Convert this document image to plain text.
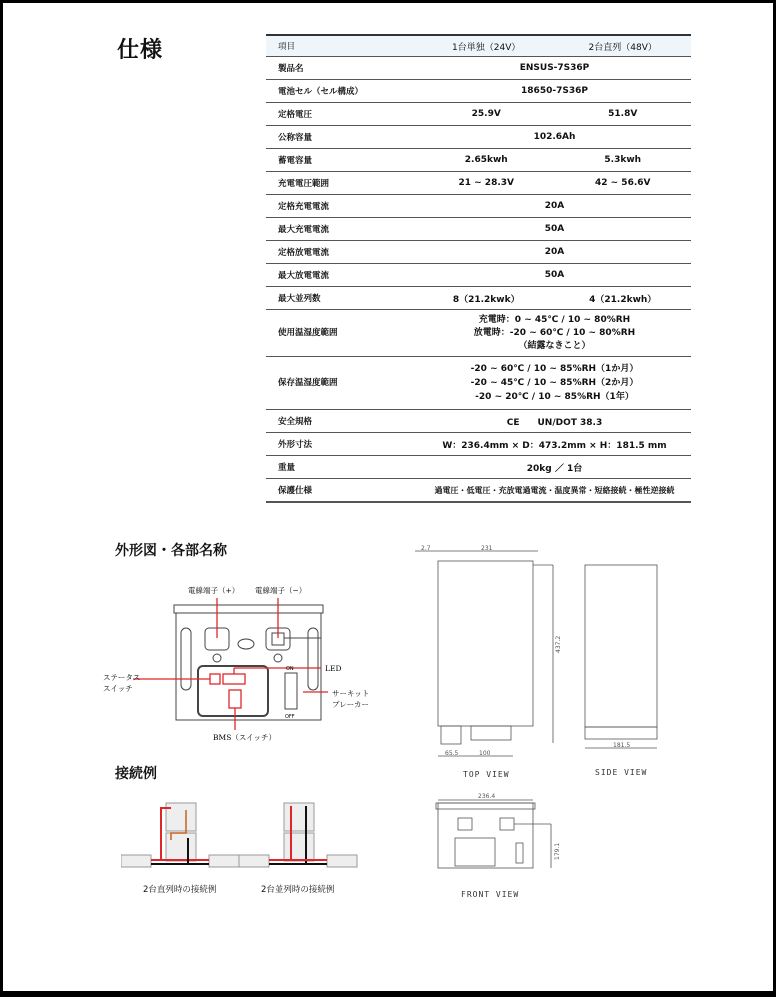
仕様	項目	1台単独（24V）	2台直列（48V）
製品名	ENSUS-7S36P	
電池セル（セル構成）	18650-7S36P	
定格電圧	25.9V	51.8V
公称容量	102.6Ah	
蓄電容量	2.65kwh	5.3kwh
充電電圧範囲	21 ~ 28.3V	42 ~ 56.6V
定格充電電流	20A	
最大充電電流	50A	
定格放電電流	20A	
最大放電電流	50A	
最大並列数	8（21.2kwk）	4（21.2kwh）
使用温湿度範囲	充電時：0 ~ 45℃ / 10 ~ 80%RH
放電時：-20 ~ 60℃ / 10 ~ 80%RH
（結露なきこと）	

保存温湿度範囲	-20 ~ 60℃ / 10 ~ 85%RH（1か月）
-20 ~ 45℃ / 10 ~ 85%RH（2か月）
-20 ~ 20℃ / 10 ~ 85%RH（1年）	

安全規格	CE　　UN/DOT 38.3	
外形寸法	W：236.4mm × D：473.2mm × H：181.5 mm	
重量	20kg ／ 1台	
保護仕様	過電圧・低電圧・充放電過電流・温度異常・短絡接続・極性逆接続	
外形図・各部名称
電線端子（+） 電線端子（−）
LED
ステータス
スイッチ
サーキット
ブレーカー
BMS（スイッチ）
ON
OFF
接続例
2台直列時の接続例	2台並列時の接続例
2.7	231
437.2
65.5	100
181.5
TOP VIEW	SIDE VIEW
236.4
179.1
FRONT VIEW
